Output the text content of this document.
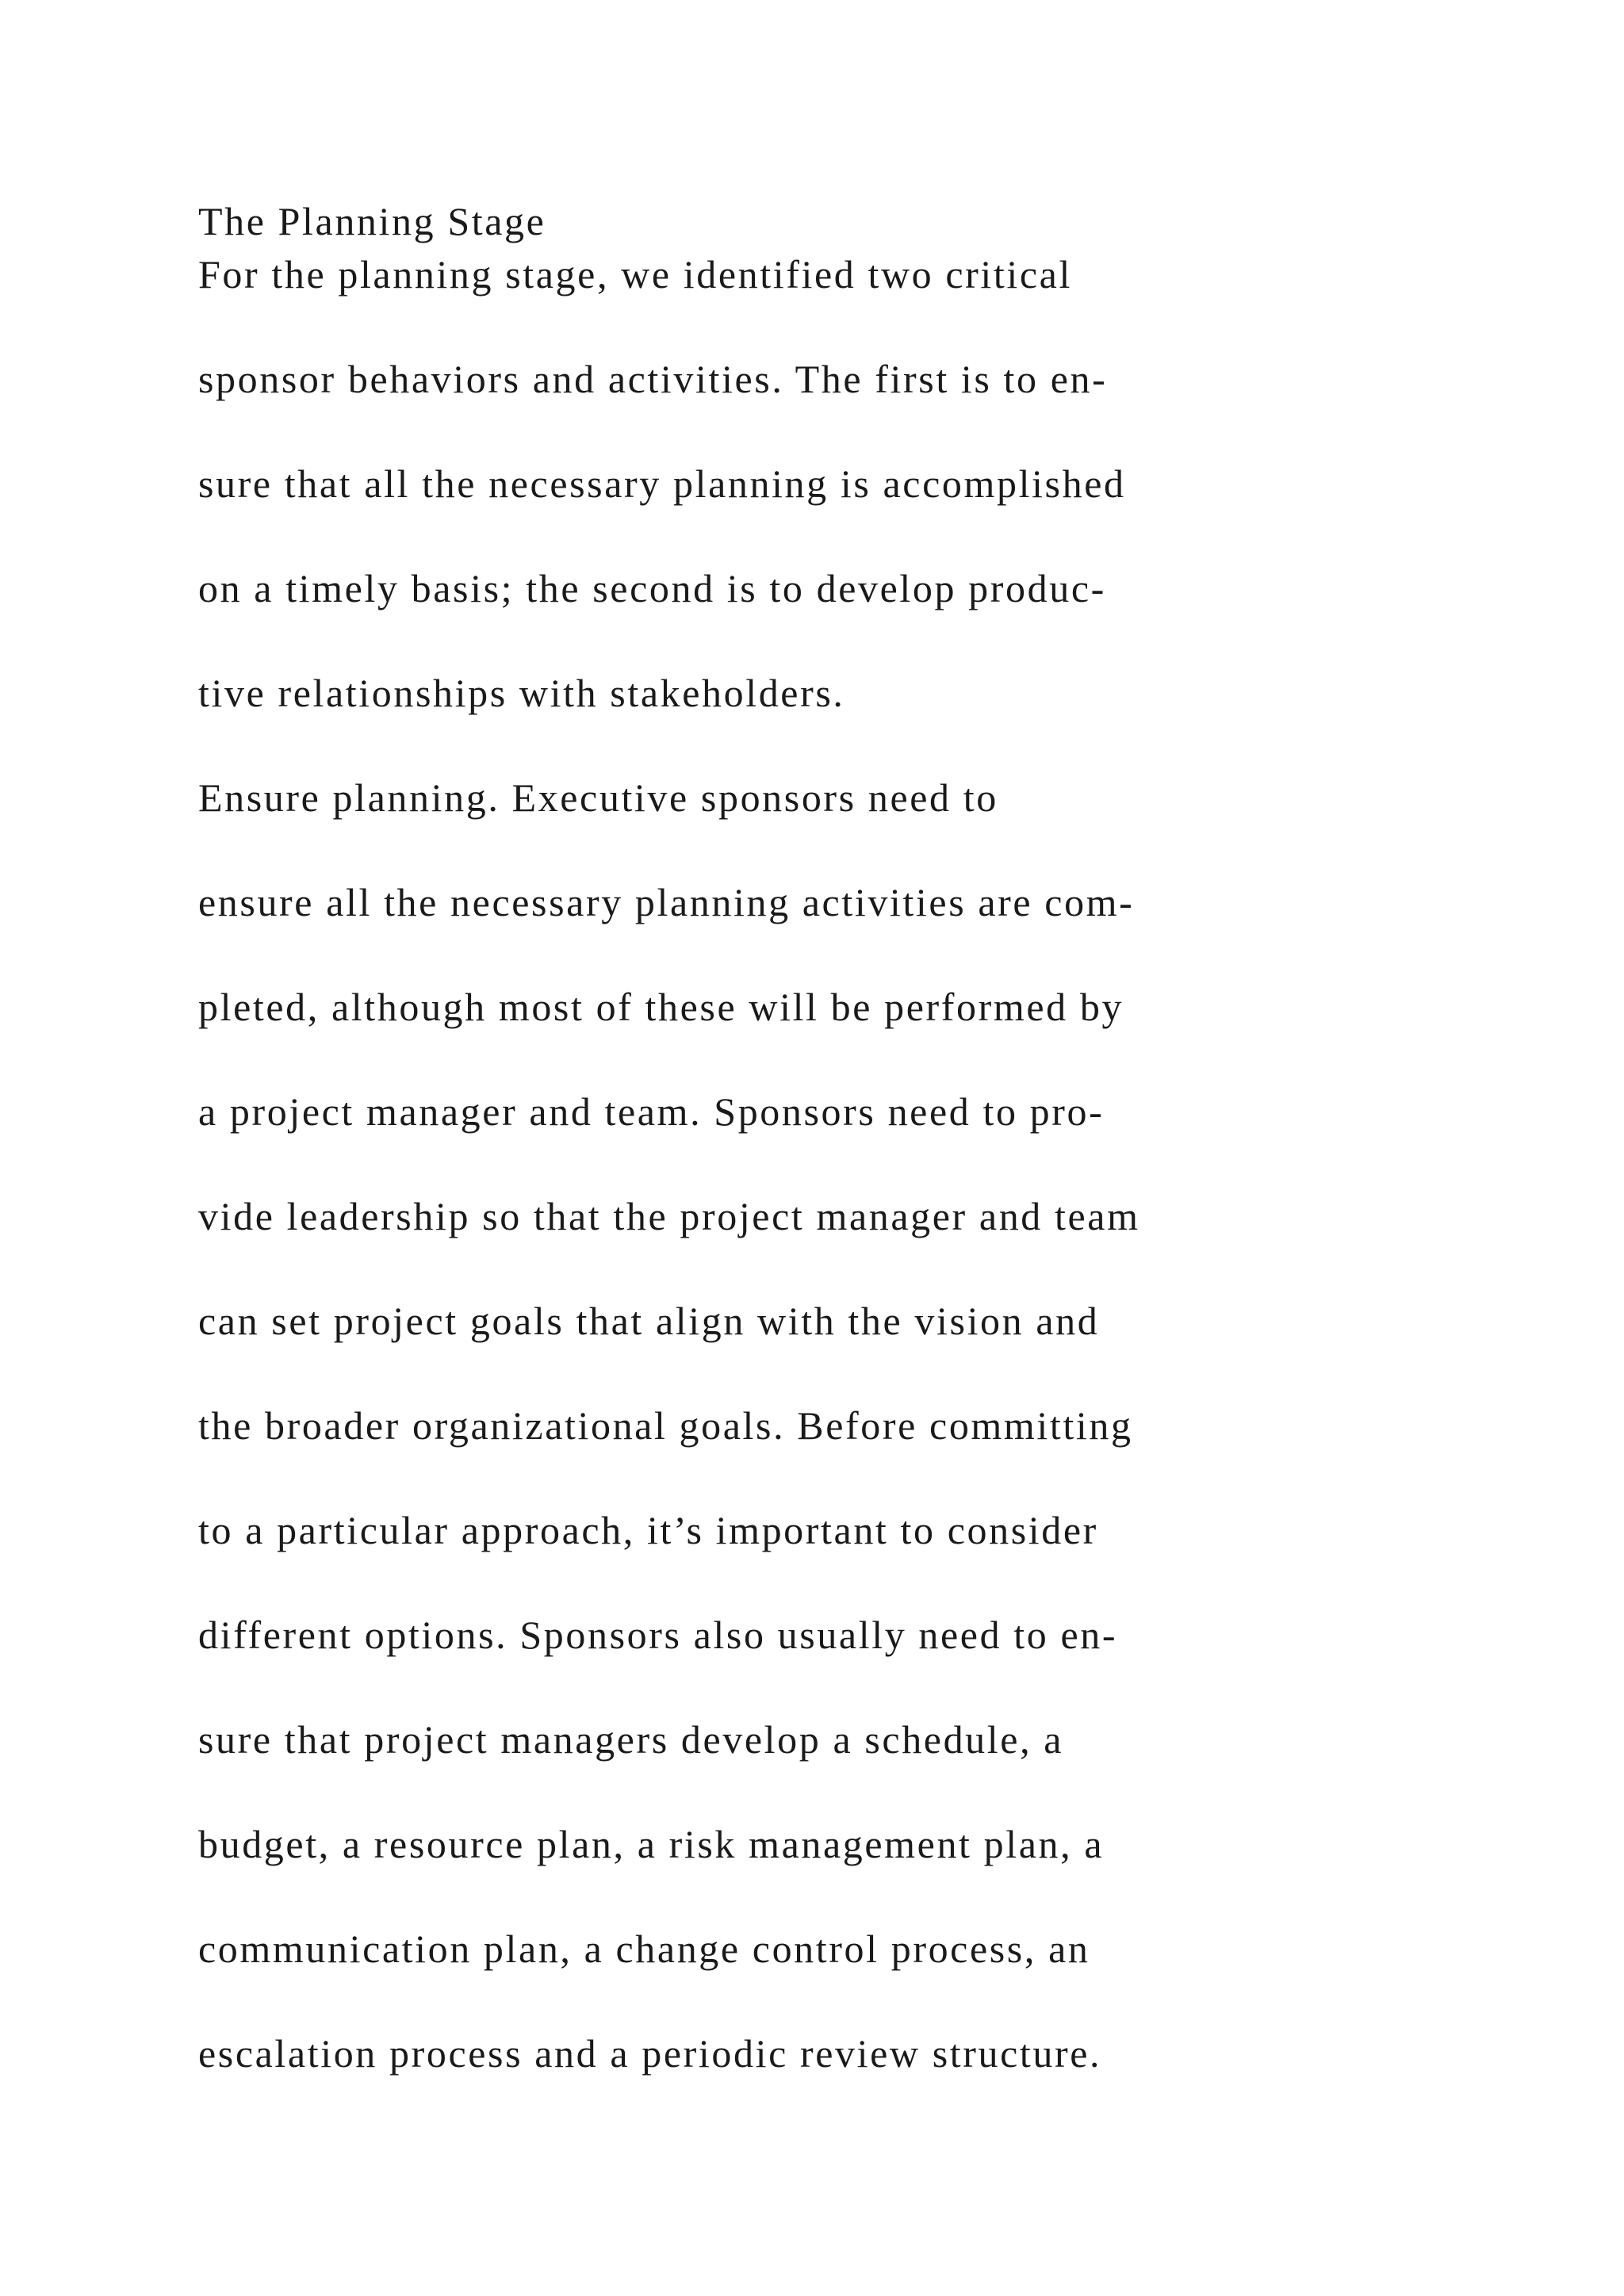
The Planning Stage
For the planning stage, we identified two critical
sponsor behaviors and activities. The first is to en-
sure that all the necessary planning is accomplished
on a timely basis; the second is to develop produc-
tive relationships with stakeholders.
Ensure planning. Executive sponsors need to
ensure all the necessary planning activities are com-
pleted, although most of these will be performed by
a project manager and team. Sponsors need to pro-
vide leadership so that the project manager and team
can set project goals that align with the vision and
the broader organizational goals. Before committing
to a particular approach, it’s important to consider
different options. Sponsors also usually need to en-
sure that project managers develop a schedule, a
budget, a resource plan, a risk management plan, a
communication plan, a change control process, an
escalation process and a periodic review structure.
